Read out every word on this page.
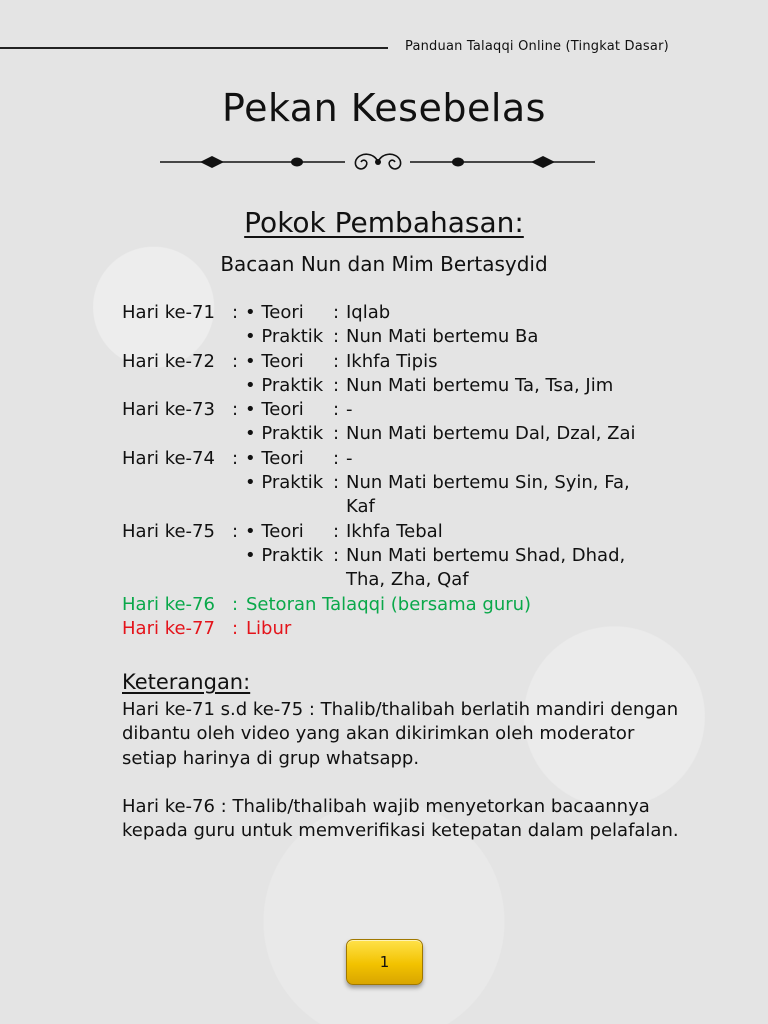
Panduan Talaqqi Online (Tingkat Dasar)
Pekan Kesebelas
Pokok Pembahasan:
Bacaan Nun dan Mim Bertasydid
Hari ke-71 : • Teori : Iqlab
• Praktik : Nun Mati bertemu Ba
Hari ke-72 : • Teori : Ikhfa Tipis
• Praktik : Nun Mati bertemu Ta, Tsa, Jim
Hari ke-73 : • Teori : -
• Praktik : Nun Mati bertemu Dal, Dzal, Zai
Hari ke-74 : • Teori : -
• Praktik : Nun Mati bertemu Sin, Syin, Fa, Kaf
Hari ke-75 : • Teori : Ikhfa Tebal
• Praktik : Nun Mati bertemu Shad, Dhad, Tha, Zha, Qaf
Hari ke-76 : Setoran Talaqqi (bersama guru)
Hari ke-77 : Libur
Keterangan:
Hari ke-71 s.d ke-75 : Thalib/thalibah berlatih mandiri dengan dibantu oleh video yang akan dikirimkan oleh moderator setiap harinya di grup whatsapp.
Hari ke-76 : Thalib/thalibah wajib menyetorkan bacaannya kepada guru untuk memverifikasi ketepatan dalam pelafalan.
1
